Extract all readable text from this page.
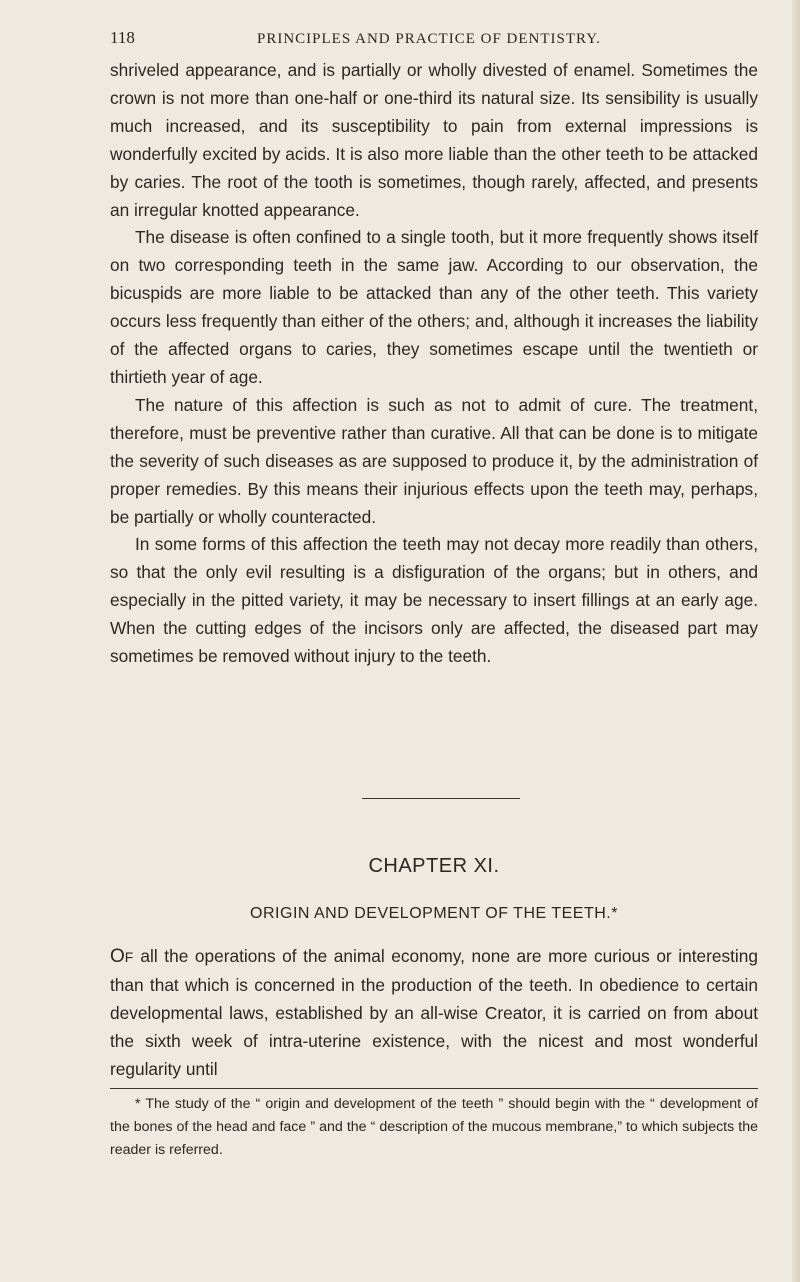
118	PRINCIPLES AND PRACTICE OF DENTISTRY.

shriveled appearance, and is partially or wholly divested of enamel. Sometimes the crown is not more than one-half or one-third its natural size. Its sensibility is usually much increased, and its susceptibility to pain from external impressions is wonderfully excited by acids. It is also more liable than the other teeth to be attacked by caries. The root of the tooth is sometimes, though rarely, affected, and presents an irregular knotted appearance.

The disease is often confined to a single tooth, but it more frequently shows itself on two corresponding teeth in the same jaw. According to our observation, the bicuspids are more liable to be attacked than any of the other teeth. This variety occurs less frequently than either of the others; and, although it increases the liability of the affected organs to caries, they sometimes escape until the twentieth or thirtieth year of age.

The nature of this affection is such as not to admit of cure. The treatment, therefore, must be preventive rather than curative. All that can be done is to mitigate the severity of such diseases as are supposed to produce it, by the administration of proper remedies. By this means their injurious effects upon the teeth may, perhaps, be partially or wholly counteracted.

In some forms of this affection the teeth may not decay more readily than others, so that the only evil resulting is a disfiguration of the organs; but in others, and especially in the pitted variety, it may be necessary to insert fillings at an early age. When the cutting edges of the incisors only are affected, the diseased part may sometimes be removed without injury to the teeth.

CHAPTER XI.
ORIGIN AND DEVELOPMENT OF THE TEETH.*

OF all the operations of the animal economy, none are more curious or interesting than that which is concerned in the production of the teeth. In obedience to certain developmental laws, established by an all-wise Creator, it is carried on from about the sixth week of intra-uterine existence, with the nicest and most wonderful regularity until

* The study of the “ origin and development of the teeth ” should begin with the “ development of the bones of the head and face ” and the “ description of the mucous membrane,” to which subjects the reader is referred.
